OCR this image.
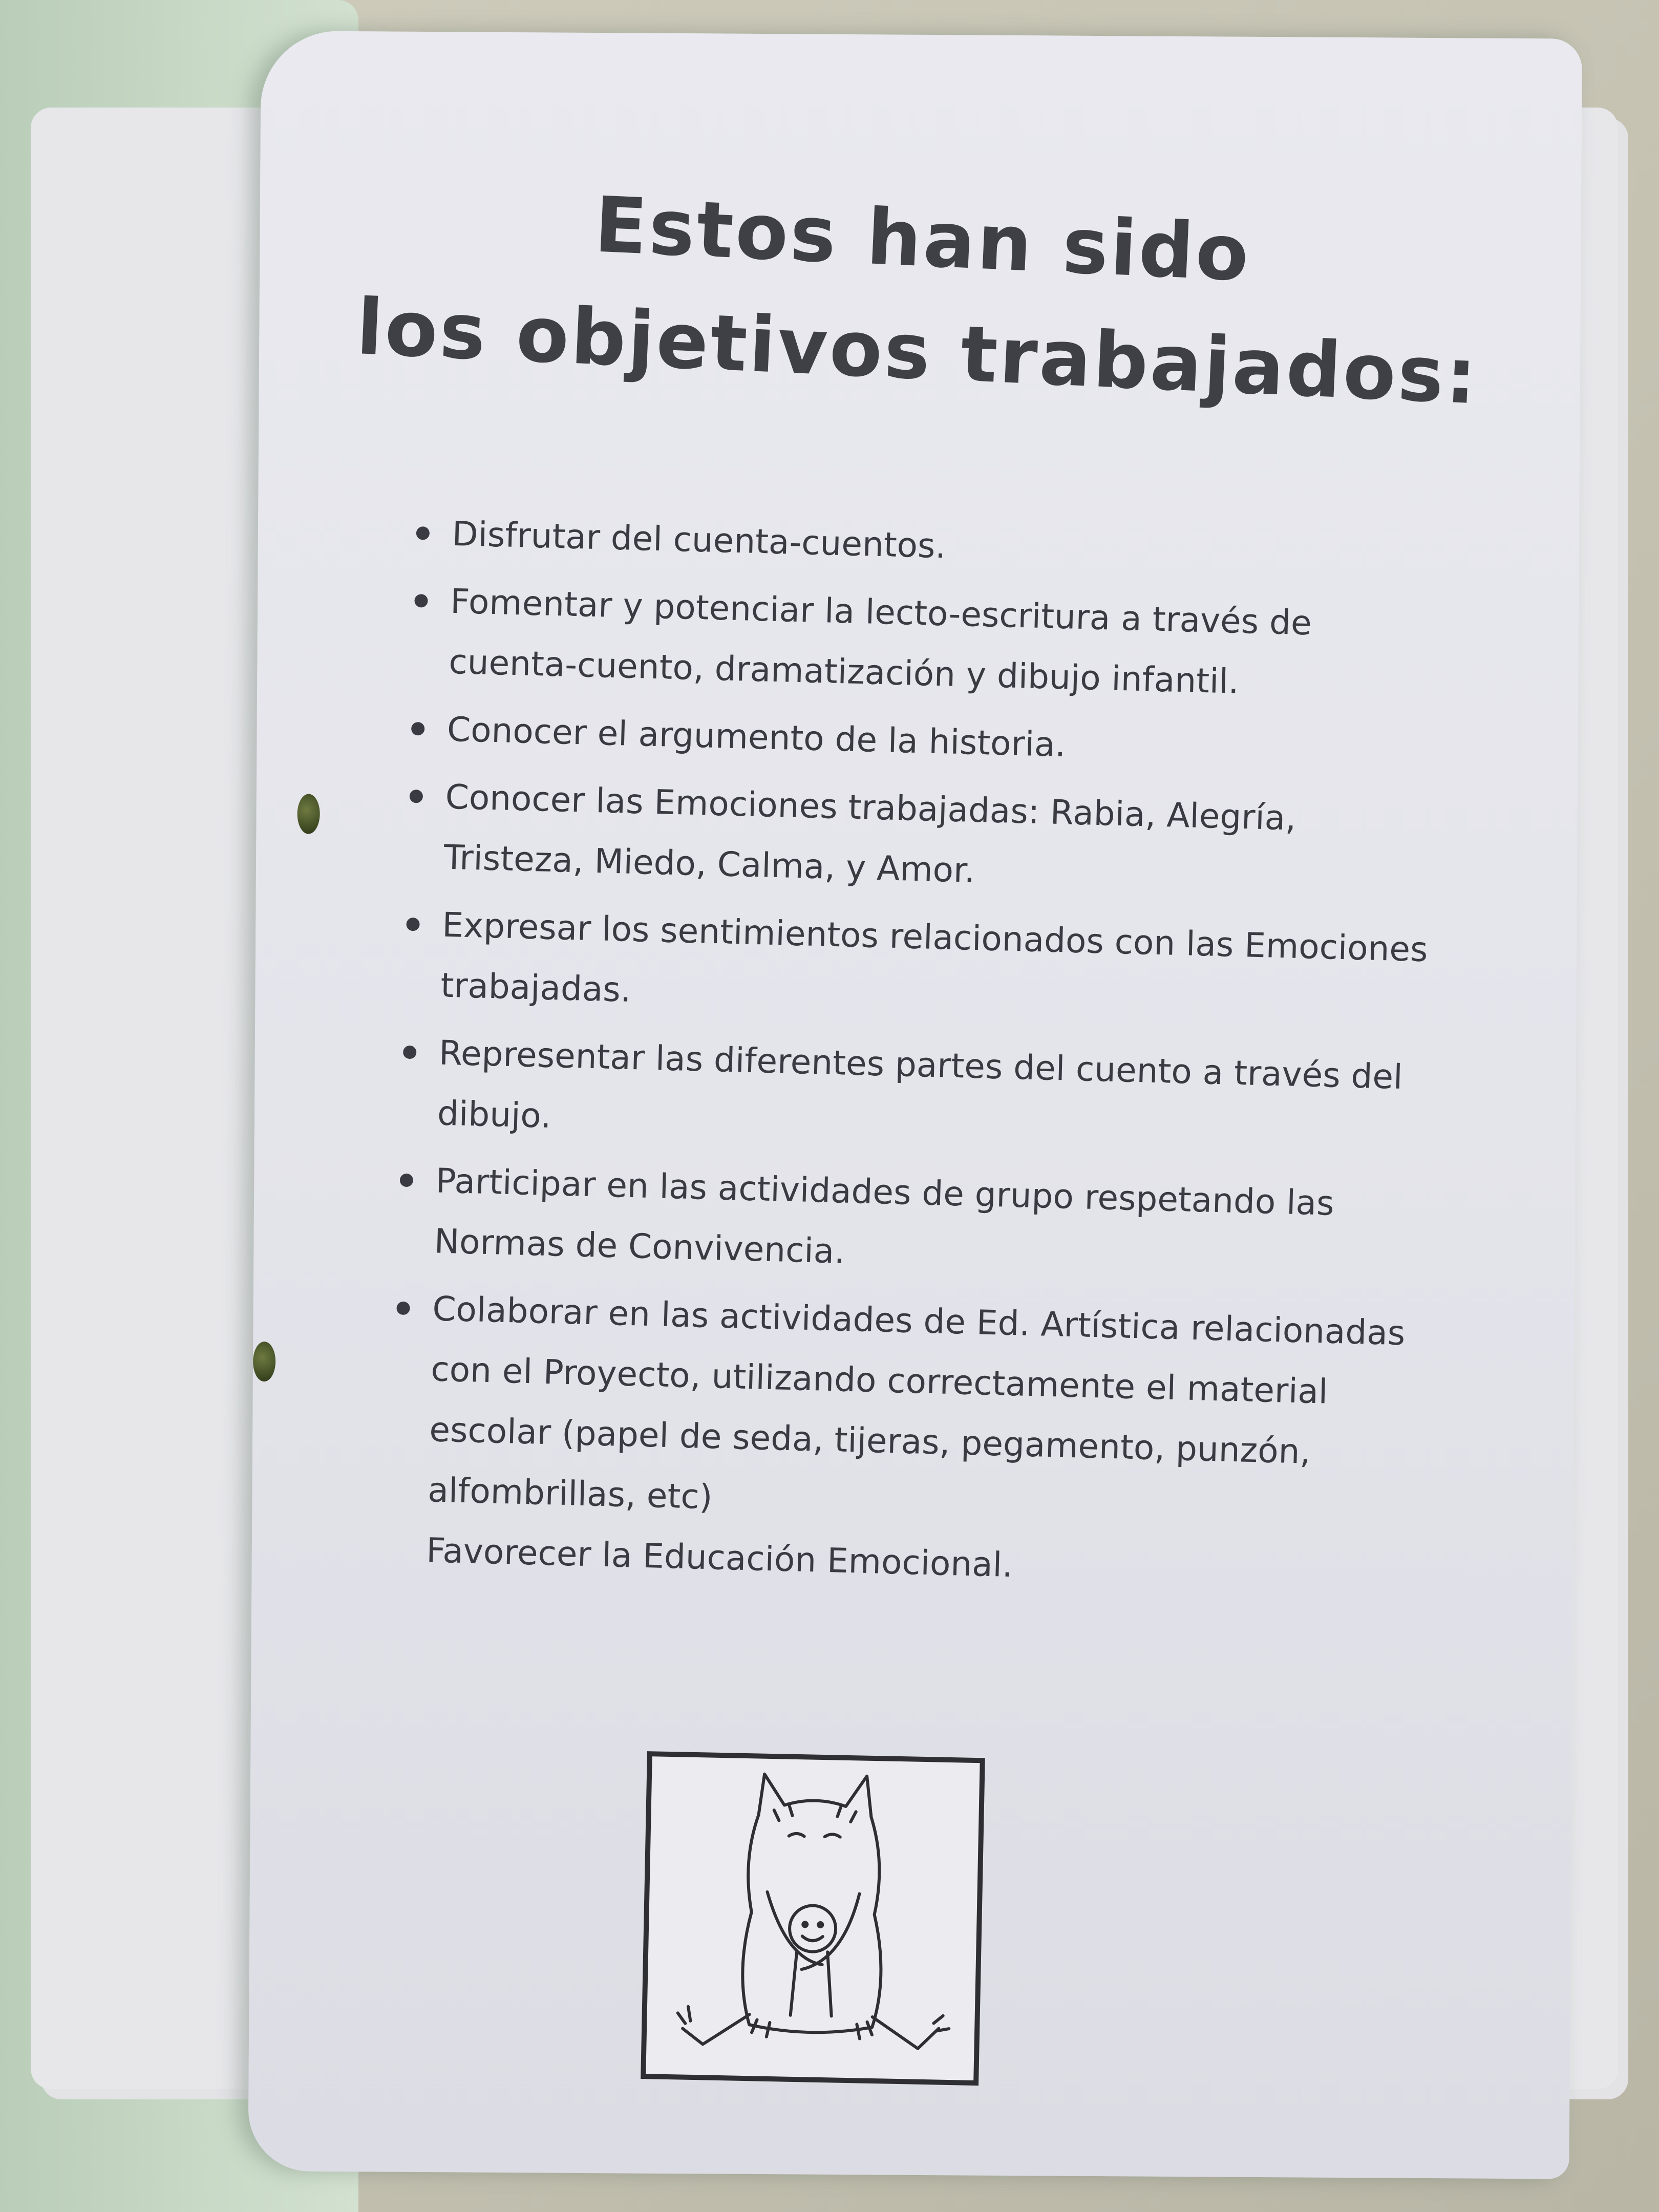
Estos han sido
los objetivos trabajados:
Disfrutar del cuenta-cuentos.
Fomentar y potenciar la lecto-escritura a través de cuenta-cuento, dramatización y dibujo infantil.
Conocer el argumento de la historia.
Conocer las Emociones trabajadas: Rabia, Alegría, Tristeza, Miedo, Calma, y Amor.
Expresar los sentimientos relacionados con las Emociones trabajadas.
Representar las diferentes partes del cuento a través del dibujo.
Participar en las actividades de grupo respetando las Normas de Convivencia.
Colaborar en las actividades de Ed. Artística relacionadas con el Proyecto, utilizando correctamente el material escolar (papel de seda, tijeras, pegamento, punzón, alfombrillas, etc)
Favorecer la Educación Emocional.
